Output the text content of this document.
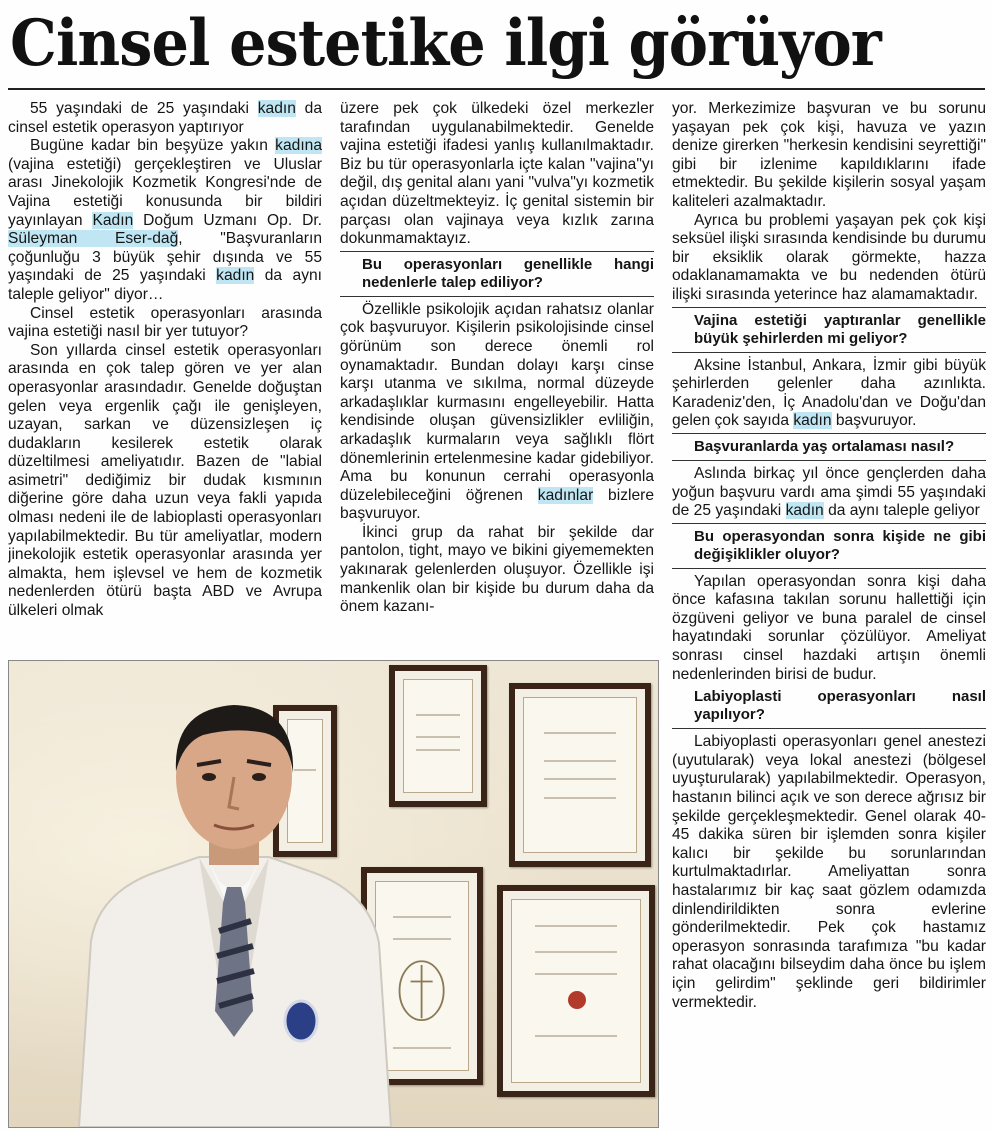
Cinsel estetike ilgi görüyor

55 yaşındaki de 25 yaşındaki kadın da cinsel estetik operasyon yaptırıyor

Bugüne kadar bin beşyüze yakın kadına (vajina estetiği) gerçekleştiren ve Uluslar arası Jinekolojik Kozmetik Kongresi'nde de Vajina estetiği konusunda bir bildiri yayınlayan Kadın Doğum Uzmanı Op. Dr. Süleyman Eser-dağ, "Başvuranların çoğunluğu 3 büyük şehir dışında ve 55 yaşındaki de 25 yaşındaki kadın da aynı taleple geliyor" diyor…

Cinsel estetik operasyonları arasında vajina estetiği nasıl bir yer tutuyor?

Son yıllarda cinsel estetik operasyonları arasında en çok talep gören ve yer alan operasyonlar arasındadır. Genelde doğuştan gelen veya ergenlik çağı ile genişleyen, uzayan, sarkan ve düzensizleşen iç dudakların kesilerek estetik olarak düzeltilmesi ameliyatıdır. Bazen de "labial asimetri" dediğimiz bir dudak kısmının diğerine göre daha uzun veya fakli yapıda olması nedeni ile de labioplasti operasyonları yapılabilmektedir. Bu tür ameliyatlar, modern jinekolojik estetik operasyonlar arasında yer almakta, hem işlevsel ve hem de kozmetik nedenlerden ötürü başta ABD ve Avrupa ülkeleri olmak

üzere pek çok ülkedeki özel merkezler tarafından uygulanabilmektedir. Genelde vajina estetiği ifadesi yanlış kullanılmaktadır. Biz bu tür operasyonlarla içte kalan "vajina"yı değil, dış genital alanı yani "vulva"yı kozmetik açıdan düzeltmekteyiz. İç genital sistemin bir parçası olan vajinaya veya kızlık zarına dokunmamaktayız.

Bu operasyonları genellikle hangi nedenlerle talep ediliyor?

Özellikle psikolojik açıdan rahatsız olanlar çok başvuruyor. Kişilerin psikolojisinde cinsel görünüm son derece önemli rol oynamaktadır. Bundan dolayı karşı cinse karşı utanma ve sıkılma, normal düzeyde arkadaşlıklar kurmasını engelleyebilir. Hatta kendisinde oluşan güvensizlikler evliliğin, arkadaşlık kurmaların veya sağlıklı flört dönemlerinin ertelenmesine kadar gidebiliyor. Ama bu konunun cerrahi operasyonla düzelebileceğini öğrenen kadınlar bizlere başvuruyor.

İkinci grup da rahat bir şekilde dar pantolon, tight, mayo ve bikini giyememekten yakınarak gelenlerden oluşuyor. Özellikle işi mankenlik olan bir kişide bu durum daha da önem kazanı-

yor. Merkezimize başvuran ve bu sorunu yaşayan pek çok kişi, havuza ve yazın denize girerken "herkesin kendisini seyrettiği" gibi bir izlenime kapıldıklarını ifade etmektedir. Bu şekilde kişilerin sosyal yaşam kaliteleri azalmaktadır.

Ayrıca bu problemi yaşayan pek çok kişi seksüel ilişki sırasında kendisinde bu durumu bir eksiklik olarak görmekte, hazza odaklanamamakta ve bu nedenden ötürü ilişki sırasında yeterince haz alamamaktadır.

Vajina estetiği yaptıranlar genellikle büyük şehirlerden mi geliyor?

Aksine İstanbul, Ankara, İzmir gibi büyük şehirlerden gelenler daha azınlıkta. Karadeniz'den, İç Anadolu'dan ve Doğu'dan gelen çok sayıda kadın başvuruyor.

Başvuranlarda yaş ortalaması nasıl?

Aslında birkaç yıl önce gençlerden daha yoğun başvuru vardı ama şimdi 55 yaşındaki de 25 yaşındaki kadın da aynı taleple geliyor

Bu operasyondan sonra kişide ne gibi değişiklikler oluyor?

Yapılan operasyondan sonra kişi daha önce kafasına takılan sorunu hallettiği için özgüveni geliyor ve buna paralel de cinsel hayatındaki sorunlar çözülüyor. Ameliyat sonrası cinsel hazdaki artışın önemli nedenlerinden birisi de budur.

Labiyoplasti operasyonları nasıl yapılıyor?

Labiyoplasti operasyonları genel anestezi (uyutularak) veya lokal anestezi (bölgesel uyuşturularak) yapılabilmektedir. Operasyon, hastanın bilinci açık ve son derece ağrısız bir şekilde gerçekleşmektedir. Genel olarak 40-45 dakika süren bir işlemden sonra kişiler kalıcı bir şekilde bu sorunlarından kurtulmaktadırlar. Ameliyattan sonra hastalarımız bir kaç saat gözlem odamızda dinlendirildikten sonra evlerine gönderilmektedir. Pek çok hastamız operasyon sonrasında tarafımıza "bu kadar rahat olacağını bilseydim daha önce bu işlem için gelirdim" şeklinde geri bildirimler vermektedir.
